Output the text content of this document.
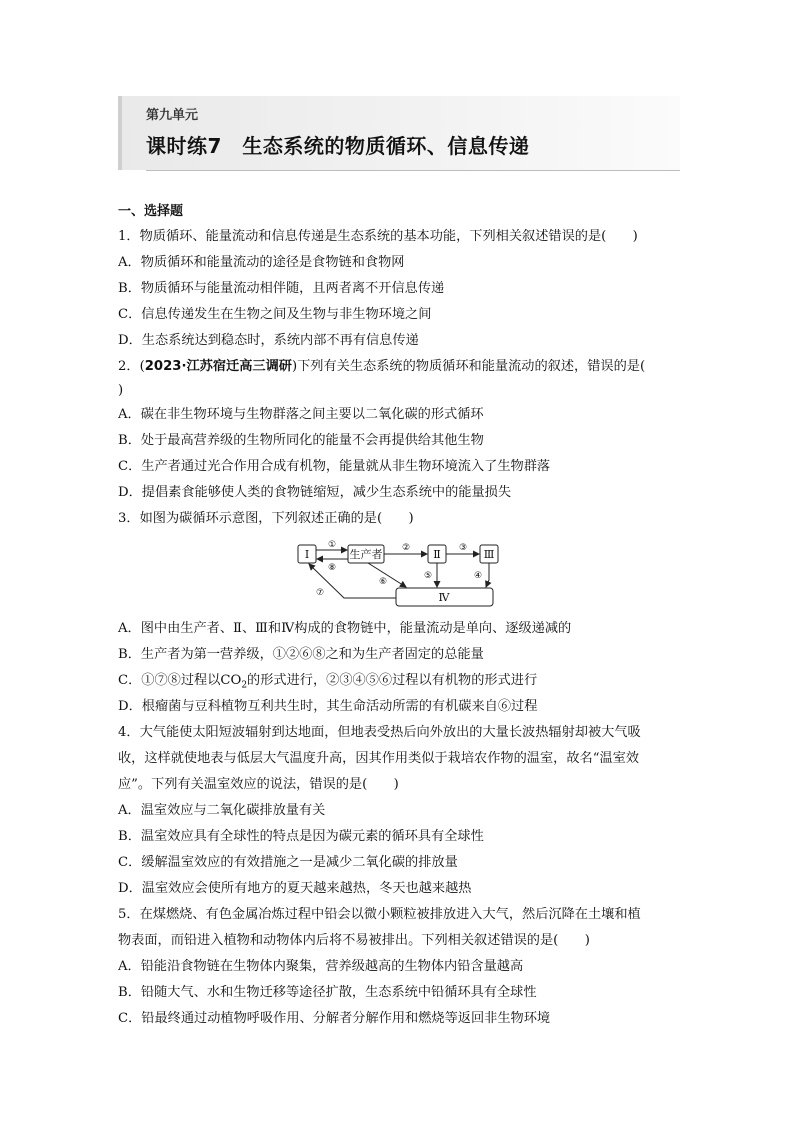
第九单元
课时练7　生态系统的物质循环、信息传递
一、选择题
1．物质循环、能量流动和信息传递是生态系统的基本功能，下列相关叙述错误的是(　　)
A．物质循环和能量流动的途径是食物链和食物网
B．物质循环与能量流动相伴随，且两者离不开信息传递
C．信息传递发生在生物之间及生物与非生物环境之间
D．生态系统达到稳态时，系统内部不再有信息传递
2．(2023·江苏宿迁高三调研)下列有关生态系统的物质循环和能量流动的叙述，错误的是(
)
A．碳在非生物环境与生物群落之间主要以二氧化碳的形式循环
B．处于最高营养级的生物所同化的能量不会再提供给其他生物
C．生产者通过光合作用合成有机物，能量就从非生物环境流入了生物群落
D．提倡素食能够使人类的食物链缩短，减少生态系统中的能量损失
3．如图为碳循环示意图，下列叙述正确的是(　　)
Ⅰ	生产者	Ⅱ	Ⅲ
Ⅳ
①
⑧
②	③
⑤	④
⑥
⑦
A．图中由生产者、Ⅱ、Ⅲ和Ⅳ构成的食物链中，能量流动是单向、逐级递减的
B．生产者为第一营养级，①②⑥⑧之和为生产者固定的总能量
C．①⑦⑧过程以$CO_2$的形式进行，②③④⑤⑥过程以有机物的形式进行
D．根瘤菌与豆科植物互利共生时，其生命活动所需的有机碳来自⑥过程
4．大气能使太阳短波辐射到达地面，但地表受热后向外放出的大量长波热辐射却被大气吸
收，这样就使地表与低层大气温度升高，因其作用类似于栽培农作物的温室，故名“温室效
应”。下列有关温室效应的说法，错误的是(　　)
A．温室效应与二氧化碳排放量有关
B．温室效应具有全球性的特点是因为碳元素的循环具有全球性
C．缓解温室效应的有效措施之一是减少二氧化碳的排放量
D．温室效应会使所有地方的夏天越来越热，冬天也越来越热
5．在煤燃烧、有色金属冶炼过程中铅会以微小颗粒被排放进入大气，然后沉降在土壤和植
物表面，而铅进入植物和动物体内后将不易被排出。下列相关叙述错误的是(　　)
A．铅能沿食物链在生物体内聚集，营养级越高的生物体内铅含量越高
B．铅随大气、水和生物迁移等途径扩散，生态系统中铅循环具有全球性
C．铅最终通过动植物呼吸作用、分解者分解作用和燃烧等返回非生物环境
